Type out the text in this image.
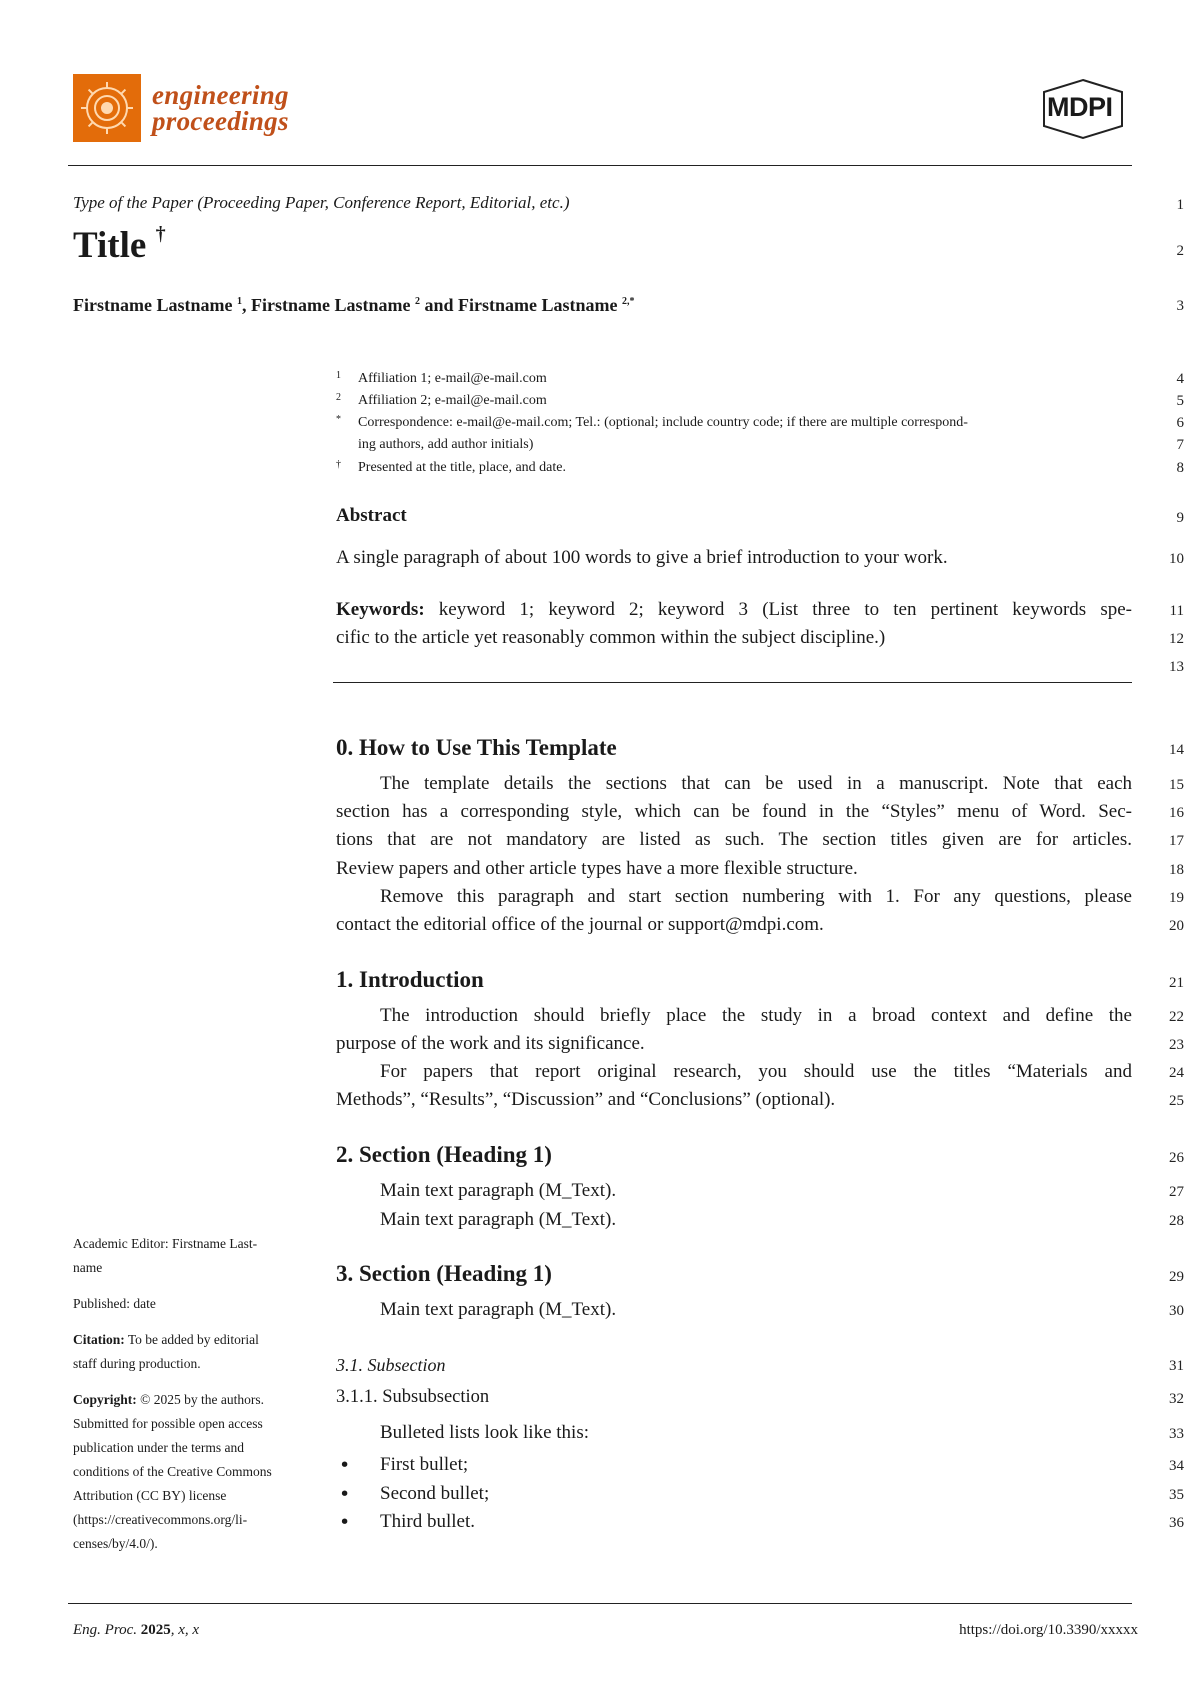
engineering
proceedings	MDPI
Type of the Paper (Proceeding Paper, Conference Report, Editorial, etc.)
Title †
Firstname Lastname $^1$, Firstname Lastname $^2$ and Firstname Lastname $^{2,*}$
1 Affiliation 1; e-mail@e-mail.com
2 Affiliation 2; e-mail@e-mail.com
* Correspondence: e-mail@e-mail.com; Tel.: (optional; include country code; if there are multiple correspond-
ing authors, add author initials)
† Presented at the title, place, and date.
Abstract
A single paragraph of about 100 words to give a brief introduction to your work.
Keywords: keyword 1; keyword 2; keyword 3 (List three to ten pertinent keywords spe-
cific to the article yet reasonably common within the subject discipline.)
0. How to Use This Template
The template details the sections that can be used in a manuscript. Note that each
section has a corresponding style, which can be found in the “Styles” menu of Word. Sec-
tions that are not mandatory are listed as such. The section titles given are for articles.
Review papers and other article types have a more flexible structure.
Remove this paragraph and start section numbering with 1. For any questions, please
contact the editorial office of the journal or support@mdpi.com.
1. Introduction
The introduction should briefly place the study in a broad context and define the
purpose of the work and its significance.
For papers that report original research, you should use the titles “Materials and
Methods”, “Results”, “Discussion” and “Conclusions” (optional).
2. Section (Heading 1)
Main text paragraph (M_Text).
Main text paragraph (M_Text).
3. Section (Heading 1)
Main text paragraph (M_Text).
3.1. Subsection
3.1.1. Subsubsection
Bulleted lists look like this:
• First bullet;
• Second bullet;
• Third bullet.
Academic Editor: Firstname Last-
name
Published: date
Citation: To be added by editorial
staff during production.
Copyright: © 2025 by the authors.
Submitted for possible open access
publication under the terms and
conditions of the Creative Commons
Attribution (CC BY) license
(https://creativecommons.org/li-
censes/by/4.0/).
1
2
3
4
5
6
7
8
9
10
11
12
13
14
15
16
17
18
19
20
21
22
23
24
25
26
27
28
29
30
31
32
33
34
35
36
Eng. Proc. 2025, x, x	https://doi.org/10.3390/xxxxx
